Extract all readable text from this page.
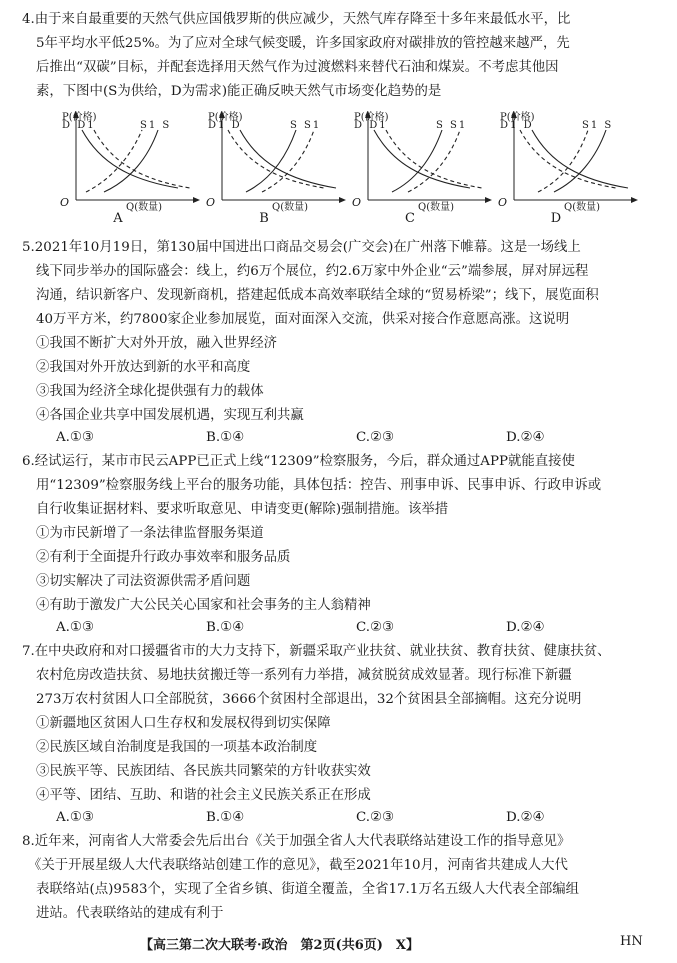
4.由于来自最重要的天然气供应国俄罗斯的供应减少，天然气库存降至十多年来最低水平，比
5年平均水平低25%。为了应对全球气候变暖，许多国家政府对碳排放的管控越来越严，先
后推出“双碳”目标，并配套选择用天然气作为过渡燃料来替代石油和煤炭。不考虑其他因
素，下图中(S为供给，D为需求)能正确反映天然气市场变化趋势的是
P(价格)
D D1	S1 S
O	Q(数量)
A
P(价格)
D1 D	S S1
O	Q(数量)
B
P(价格)
D D1	S S1
O	Q(数量)
C
P(价格)
D1 D	S1 S
O	Q(数量)
D
5.2021年10月19日，第130届中国进出口商品交易会(广交会)在广州落下帷幕。这是一场线上
线下同步举办的国际盛会：线上，约6万个展位，约2.6万家中外企业“云”端参展，屏对屏远程
沟通，结识新客户、发现新商机，搭建起低成本高效率联结全球的“贸易桥梁”；线下，展览面积
40万平方米，约7800家企业参加展览，面对面深入交流，供采对接合作意愿高涨。这说明
①我国不断扩大对外开放，融入世界经济
②我国对外开放达到新的水平和高度
③我国为经济全球化提供强有力的载体
④各国企业共享中国发展机遇，实现互利共赢
A.①③	B.①④	C.②③	D.②④
6.经试运行，某市市民云APP已正式上线“12309”检察服务，今后，群众通过APP就能直接使
用“12309”检察服务线上平台的服务功能，具体包括：控告、刑事申诉、民事申诉、行政申诉或
自行收集证据材料、要求听取意见、申请变更(解除)强制措施。该举措
①为市民新增了一条法律监督服务渠道
②有利于全面提升行政办事效率和服务品质
③切实解决了司法资源供需矛盾问题
④有助于激发广大公民关心国家和社会事务的主人翁精神
A.①③	B.①④	C.②③	D.②④
7.在中央政府和对口援疆省市的大力支持下，新疆采取产业扶贫、就业扶贫、教育扶贫、健康扶贫、
农村危房改造扶贫、易地扶贫搬迁等一系列有力举措，减贫脱贫成效显著。现行标准下新疆
273万农村贫困人口全部脱贫，3666个贫困村全部退出，32个贫困县全部摘帽。这充分说明
①新疆地区贫困人口生存权和发展权得到切实保障
②民族区域自治制度是我国的一项基本政治制度
③民族平等、民族团结、各民族共同繁荣的方针收获实效
④平等、团结、互助、和谐的社会主义民族关系正在形成
A.①③	B.①④	C.②③	D.②④
8.近年来，河南省人大常委会先后出台《关于加强全省人大代表联络站建设工作的指导意见》
《关于开展星级人大代表联络站创建工作的意见》，截至2021年10月，河南省共建成人大代
表联络站(点)9583个，实现了全省乡镇、街道全覆盖，全省17.1万名五级人大代表全部编组
进站。代表联络站的建成有利于
【高三第二次大联考·政治　第2页(共6页)　X】	HN
